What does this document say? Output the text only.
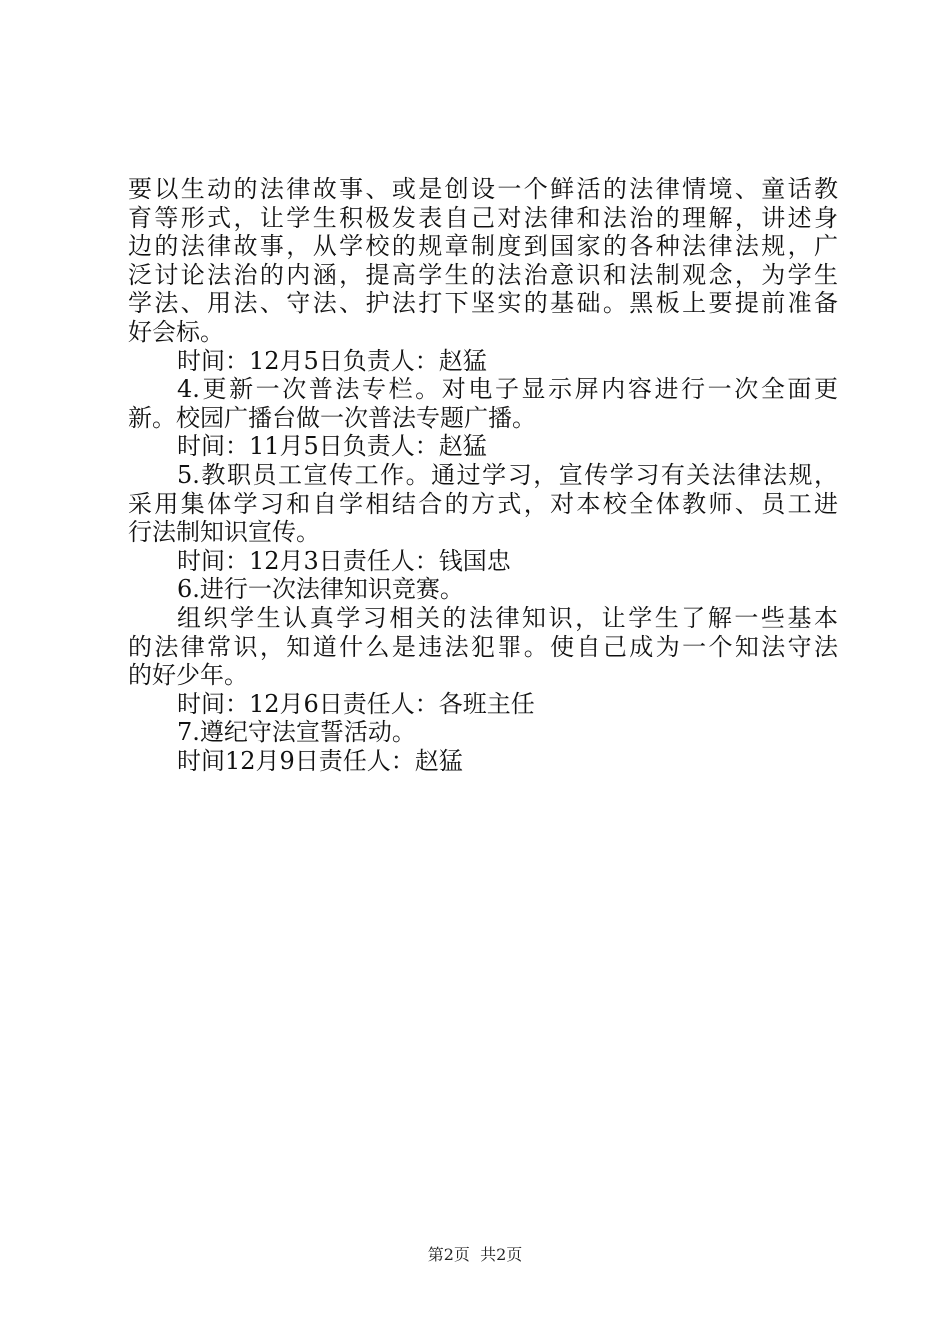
要以生动的法律故事、或是创设一个鲜活的法律情境、童话教
育等形式，让学生积极发表自己对法律和法治的理解，讲述身
边的法律故事，从学校的规章制度到国家的各种法律法规，广
泛讨论法治的内涵，提高学生的法治意识和法制观念，为学生
学法、用法、守法、护法打下坚实的基础。黑板上要提前准备
好会标。
时间：12月5日负责人：赵猛
4.更新一次普法专栏。对电子显示屏内容进行一次全面更
新。校园广播台做一次普法专题广播。
时间：11月5日负责人：赵猛
5.教职员工宣传工作。通过学习，宣传学习有关法律法规，
采用集体学习和自学相结合的方式，对本校全体教师、员工进
行法制知识宣传。
时间：12月3日责任人：钱国忠
6.进行一次法律知识竞赛。
组织学生认真学习相关的法律知识，让学生了解一些基本
的法律常识，知道什么是违法犯罪。使自己成为一个知法守法
的好少年。
时间：12月6日责任人：各班主任
7.遵纪守法宣誓活动。
时间12月9日责任人：赵猛
第2页  共2页
